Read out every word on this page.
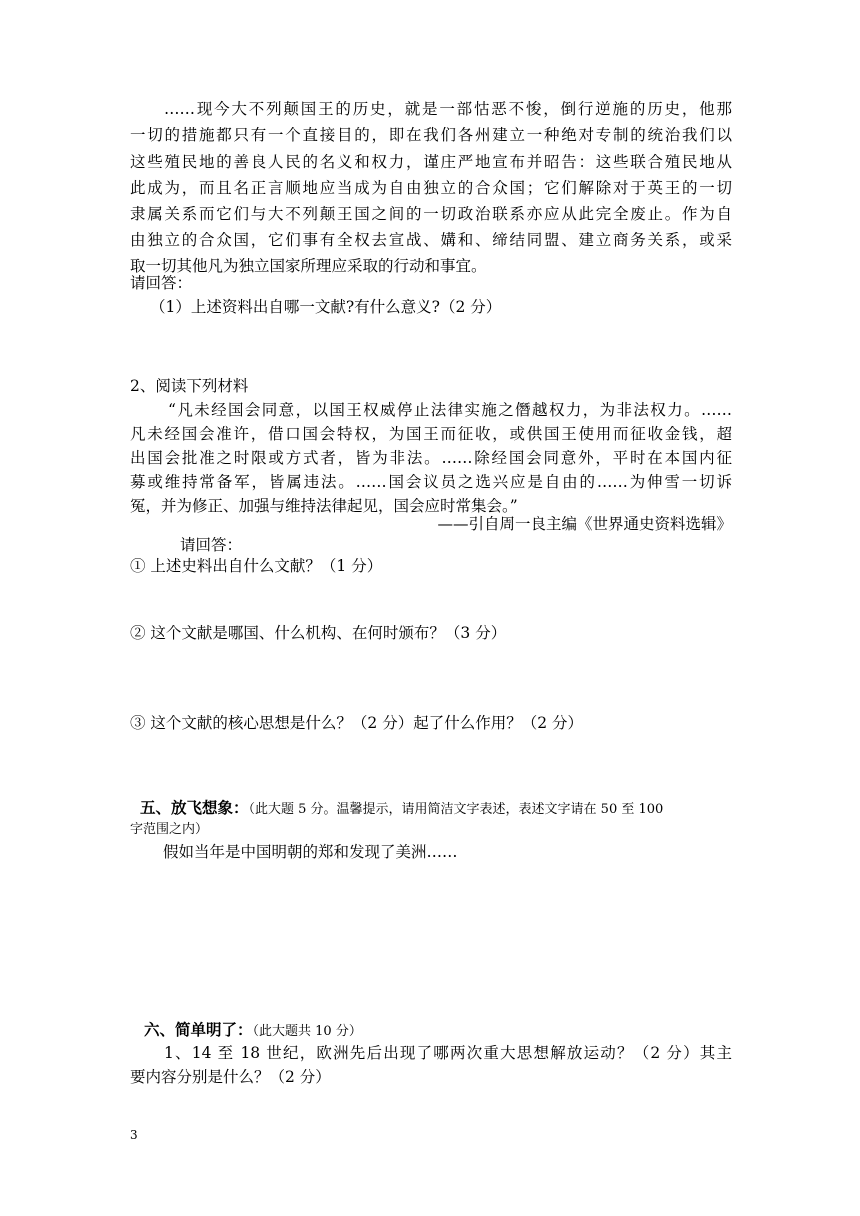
……现今大不列颠国王的历史，就是一部怙恶不悛，倒行逆施的历史，他那
一切的措施都只有一个直接目的，即在我们各州建立一种绝对专制的统治我们以
这些殖民地的善良人民的名义和权力，谨庄严地宣布并昭告：这些联合殖民地从
此成为，而且名正言顺地应当成为自由独立的合众国；它们解除对于英王的一切
隶属关系而它们与大不列颠王国之间的一切政治联系亦应从此完全废止。作为自
由独立的合众国，它们事有全权去宣战、媾和、缔结同盟、建立商务关系，或采
取一切其他凡为独立国家所理应采取的行动和事宜。
请回答：
（1）上述资料出自哪一文献?有什么意义?（2 分）
2、阅读下列材料
“凡未经国会同意，以国王权威停止法律实施之僭越权力，为非法权力。……
凡未经国会准许，借口国会特权，为国王而征收，或供国王使用而征收金钱，超
出国会批准之时限或方式者，皆为非法。……除经国会同意外，平时在本国内征
募或维持常备军，皆属违法。……国会议员之选兴应是自由的……为伸雪一切诉
冤，并为修正、加强与维持法律起见，国会应时常集会。”
——引自周一良主编《世界通史资料选辑》
请回答：
① 上述史料出自什么文献？（1 分）
② 这个文献是哪国、什么机构、在何时颁布？（3 分）
③ 这个文献的核心思想是什么？（2 分）起了什么作用？（2 分）
五、放飞想象：（此大题 5 分。温馨提示，请用简洁文字表述，表述文字请在 50 至 100
字范围之内）
假如当年是中国明朝的郑和发现了美洲……
六、简单明了：（此大题共 10 分）
1、14 至 18 世纪，欧洲先后出现了哪两次重大思想解放运动？（2 分）其主
要内容分别是什么？（2 分）
3
